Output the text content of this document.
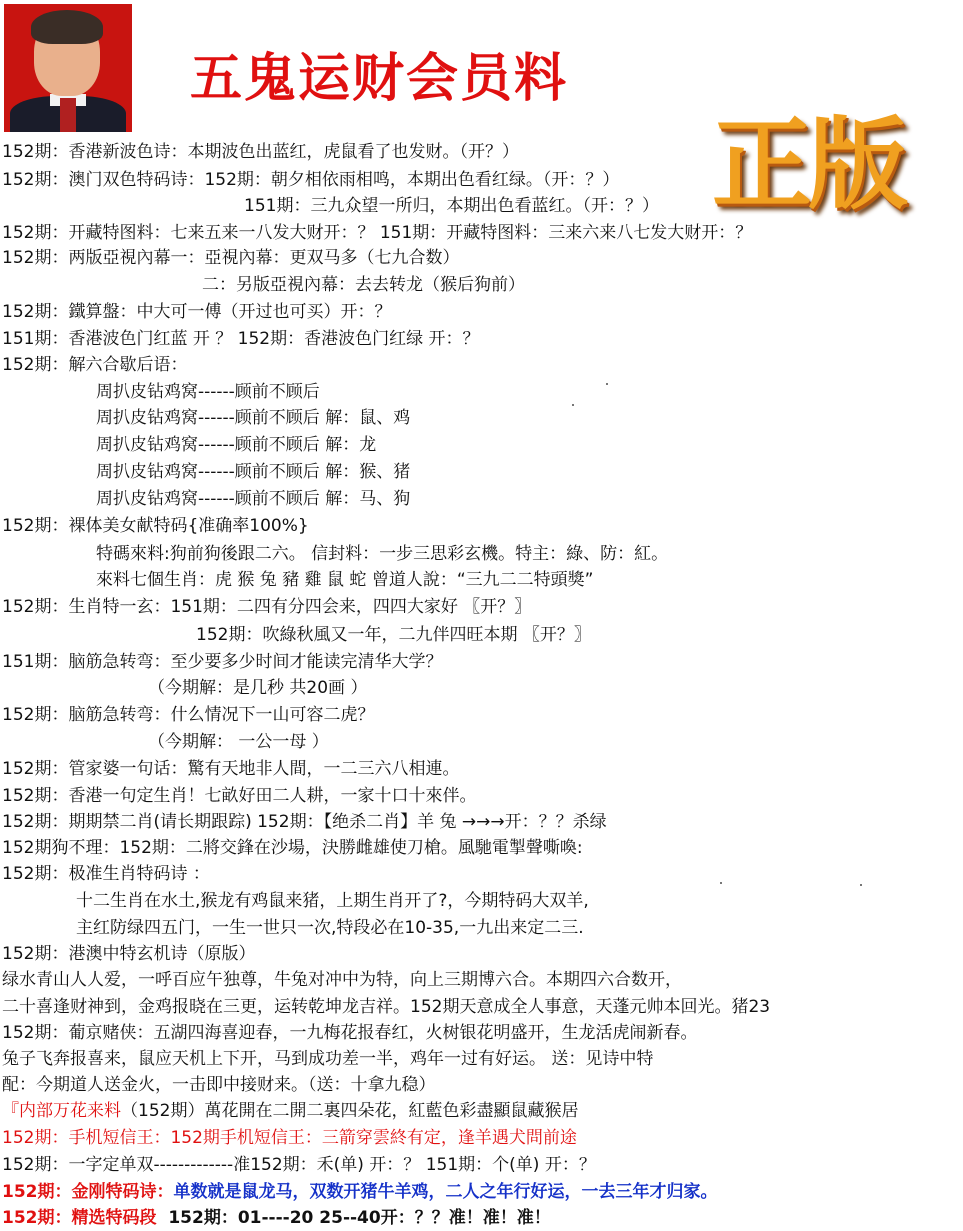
五鬼运财会员料
正版
152期：香港新波色诗：本期波色出蓝红，虎鼠看了也发财。（开？）
152期：澳门双色特码诗：152期：朝夕相依雨相鸣，本期出色看红绿。（开：？）
151期：三九众望一所归，本期出色看蓝红。（开：？）
152期：开藏特图料：七来五来一八发大财开：？ 151期：开藏特图料：三来六来八七发大财开：？
152期：两版亞視內幕一：亞視內幕：更双马多（七九合数）
二：另版亞視內幕：去去转龙（猴后狗前）
152期：鐵算盤：中大可一傅（开过也可买）开：？
151期：香港波色门红蓝 开 ？ 152期：香港波色门红绿 开：？
152期：解六合歇后语：
周扒皮钻鸡窝------顾前不顾后
周扒皮钻鸡窝------顾前不顾后 解：鼠、鸡
周扒皮钻鸡窝------顾前不顾后 解：龙
周扒皮钻鸡窝------顾前不顾后 解：猴、猪
周扒皮钻鸡窝------顾前不顾后 解：马、狗
152期：裸体美女献特码{准确率100%}
特碼來料:狗前狗後跟二六。 信封料：一步三思彩玄機。特主：綠、防：紅。
來料七個生肖：虎 猴 兔 豬 雞 鼠 蛇 曾道人說：“三九二二特頭獎”
152期：生肖特一玄：151期：二四有分四会来，四四大家好 〖开？〗
152期：吹綠秋風又一年，二九伴四旺本期 〖开？〗
151期：脑筋急转弯：至少要多少时间才能读完清华大学？
（今期解：是几秒 共20画 ）
152期：脑筋急转弯：什么情况下一山可容二虎？
（今期解： 一公一母 ）
152期：管家婆一句话：驚有天地非人間，一二三六八相連。
152期：香港一句定生肖！七畝好田二人耕，一家十口十來伴。
152期：期期禁二肖(请长期跟踪) 152期：【绝杀二肖】羊 兔 →→→开：？？杀绿
152期狗不理：152期：二將交鋒在沙場，決勝雌雄使刀槍。風馳電掣聲嘶喚:
152期：极准生肖特码诗 ：
十二生肖在水土,猴龙有鸡鼠来猪，上期生肖开了?，今期特码大双羊,
主红防绿四五门，一生一世只一次,特段必在10-35,一九出来定二三.
152期：港澳中特玄机诗（原版）
绿水青山人人爱，一呼百应午独尊，牛兔对冲中为特，向上三期博六合。本期四六合数开，
二十喜逢财神到，金鸡报晓在三更，运转乾坤龙吉祥。152期天意成全人事意，天蓬元帅本回光。猪23
152期：葡京赌侠：五湖四海喜迎春，一九梅花报春红，火树银花明盛开，生龙活虎闹新春。
兔子飞奔报喜来，鼠应天机上下开，马到成功差一半，鸡年一过有好运。 送：见诗中特
配：今期道人送金火，一击即中接财来。（送：十拿九稳）
『内部万花来料（152期）萬花開在二開二裏四朵花，紅藍色彩盡顯鼠藏猴居
152期：手机短信王：152期手机短信王：三箭穿雲終有定，逢羊遇犬問前途
152期：一字定单双-------------准152期：禾(单) 开：？ 151期：个(单) 开：？
152期：金刚特码诗：单数就是鼠龙马，双数开猪牛羊鸡，二人之年行好运，一去三年才归家。
152期：精选特码段 152期：01----20 25--40开：？？准！准！准！
